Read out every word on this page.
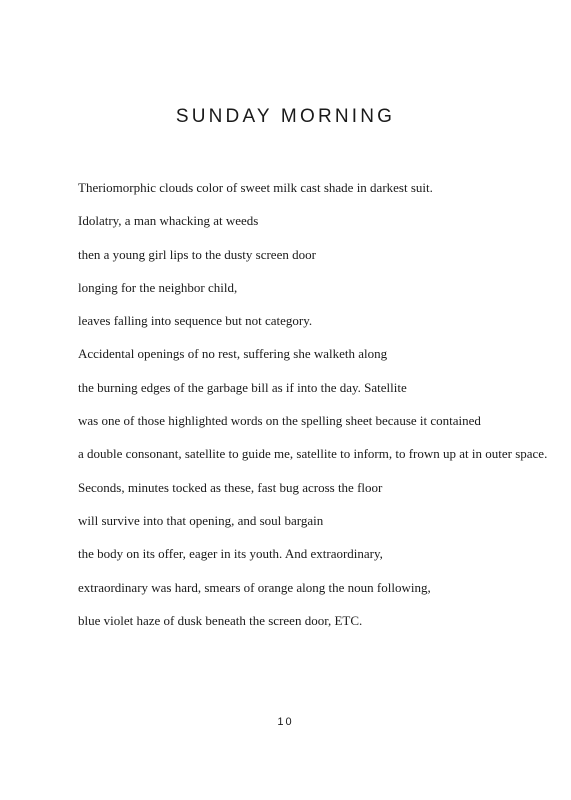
SUNDAY MORNING
Theriomorphic clouds color of sweet milk cast shade in darkest suit.
Idolatry, a man whacking at weeds
then a young girl lips to the dusty screen door
longing for the neighbor child,
leaves falling into sequence but not category.
Accidental openings of no rest, suffering she walketh along
the burning edges of the garbage bill as if into the day. Satellite
was one of those highlighted words on the spelling sheet because it contained
a double consonant, satellite to guide me, satellite to inform, to frown up at in outer space.
Seconds, minutes tocked as these, fast bug across the floor
will survive into that opening, and soul bargain
the body on its offer, eager in its youth. And extraordinary,
extraordinary was hard, smears of orange along the noun following,
blue violet haze of dusk beneath the screen door, ETC.
10
